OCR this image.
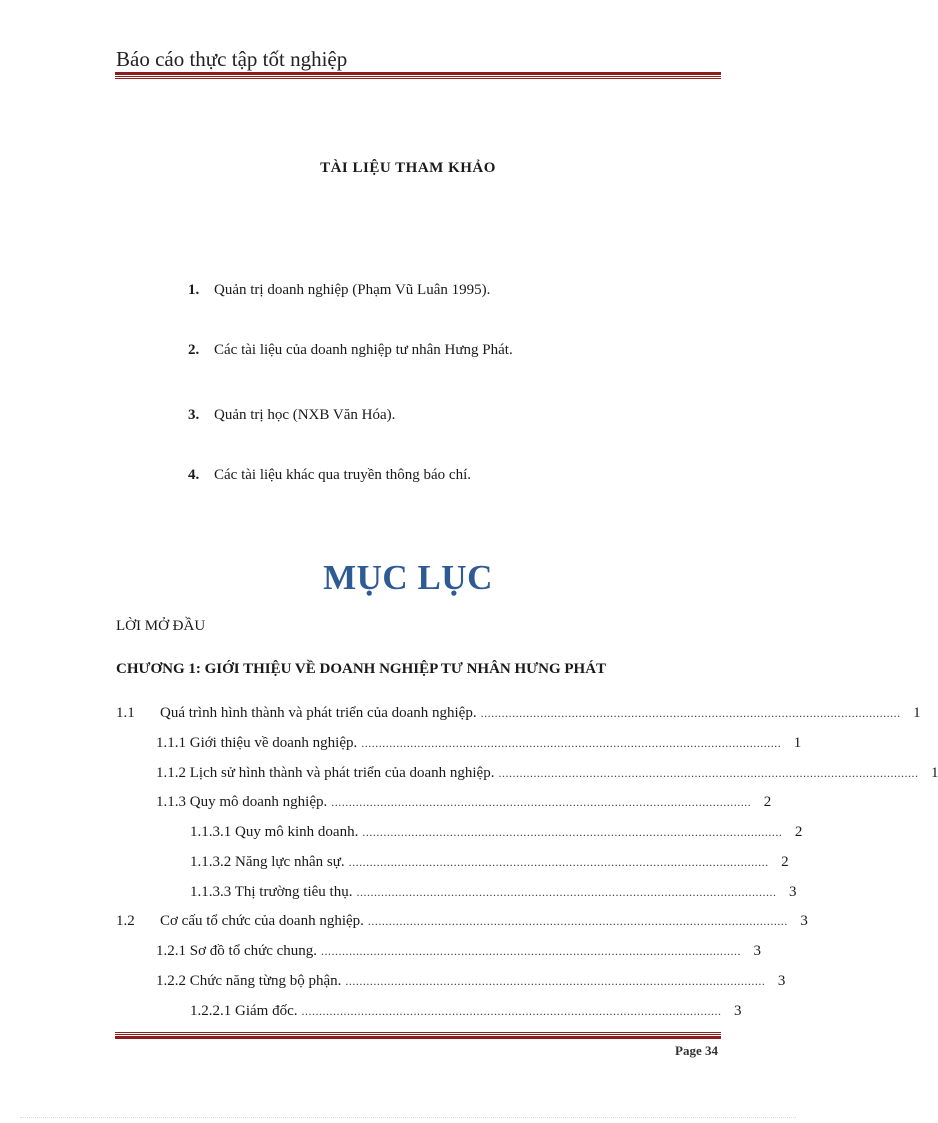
Báo cáo thực tập tốt nghiệp
TÀI LIỆU THAM KHẢO
1. Quản trị doanh nghiệp (Phạm Vũ Luân 1995).
2. Các tài liệu của doanh nghiệp tư nhân Hưng Phát.
3. Quản trị học (NXB Văn Hóa).
4. Các tài liệu khác qua truyền thông báo chí.
MỤC LỤC
LỜI MỞ ĐẦU
CHƯƠNG 1: GIỚI THIỆU VỀ DOANH NGHIỆP TƯ NHÂN HƯNG PHÁT
1.1 Quá trình hình thành và phát triển của doanh nghiệp. ........................................................................................................................ 1
1.1.1 Giới thiệu về doanh nghiệp. ........................................................................................................................ 1
1.1.2 Lịch sử hình thành và phát triển của doanh nghiệp. ........................................................................................................................ 1
1.1.3 Quy mô doanh nghiệp. ........................................................................................................................ 2
1.1.3.1 Quy mô kinh doanh. ........................................................................................................................ 2
1.1.3.2 Năng lực nhân sự. ........................................................................................................................ 2
1.1.3.3 Thị trường tiêu thụ. ........................................................................................................................ 3
1.2 Cơ cấu tổ chức của doanh nghiệp. ........................................................................................................................ 3
1.2.1 Sơ đồ tổ chức chung. ........................................................................................................................ 3
1.2.2 Chức năng từng bộ phận. ........................................................................................................................ 3
1.2.2.1 Giám đốc. ........................................................................................................................ 3
Page 34
